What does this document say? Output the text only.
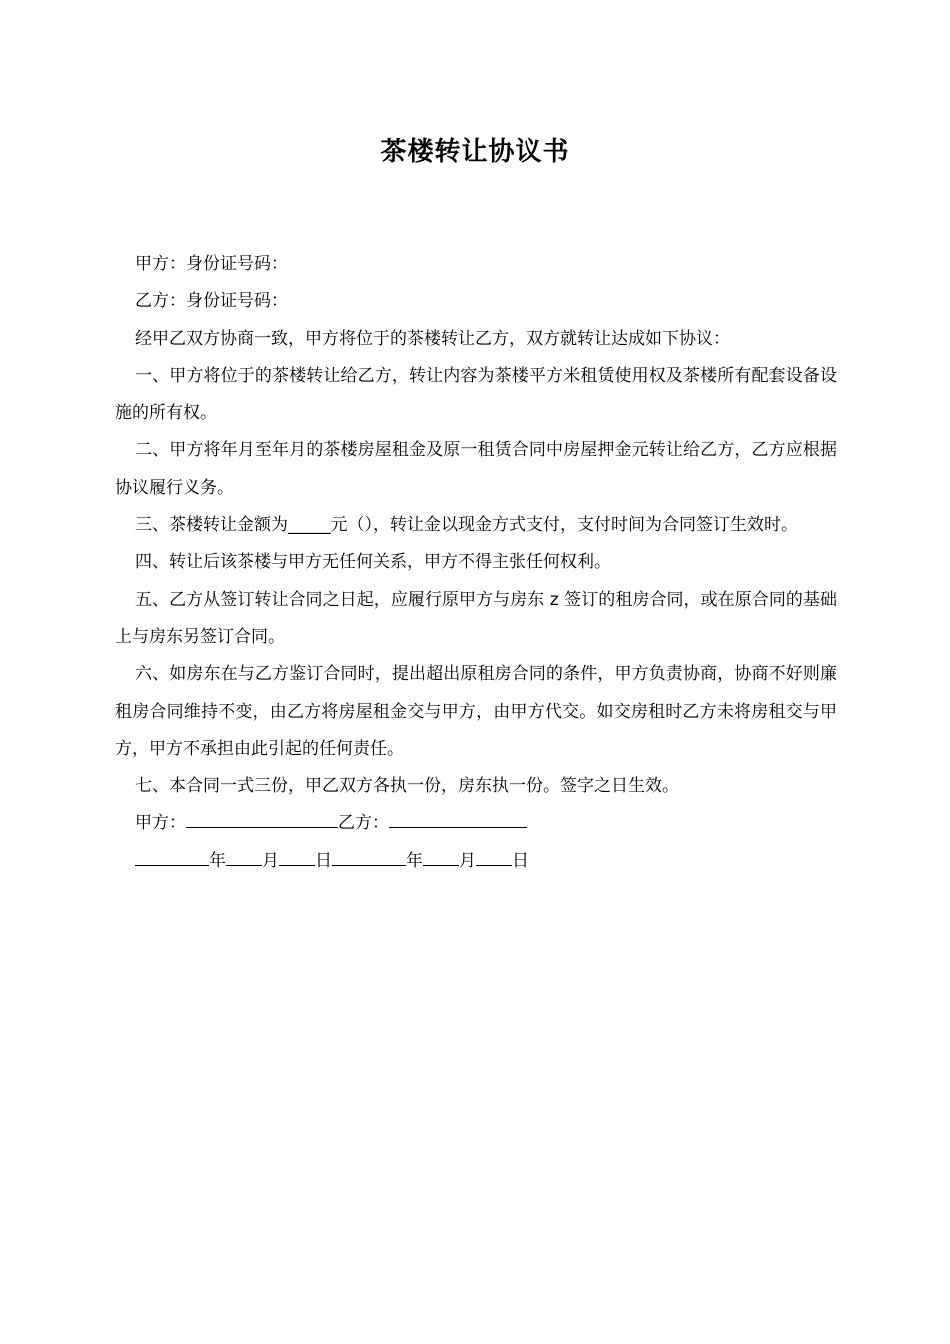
茶楼转让协议书

甲方：身份证号码：

乙方：身份证号码：

经甲乙双方协商一致，甲方将位于的茶楼转让乙方，双方就转让达成如下协议：

一、甲方将位于的茶楼转让给乙方，转让内容为茶楼平方米租赁使用权及茶楼所有配套设备设施的所有权。

二、甲方将年月至年月的茶楼房屋租金及原一租赁合同中房屋押金元转让给乙方，乙方应根据协议履行义务。

三、茶楼转让金额为_____元（），转让金以现金方式支付，支付时间为合同签订生效时。

四、转让后该茶楼与甲方无任何关系，甲方不得主张任何权利。

五、乙方从签订转让合同之日起，应履行原甲方与房东 z 签订的租房合同，或在原合同的基础上与房东另签订合同。

六、如房东在与乙方鉴订合同时，提出超出原租房合同的条件，甲方负责协商，协商不好则廉租房合同维持不变，由乙方将房屋租金交与甲方，由甲方代交。如交房租时乙方未将房租交与甲方，甲方不承担由此引起的任何责任。

七、本合同一式三份，甲乙双方各执一份，房东执一份。签字之日生效。

甲方：	乙方：

年 月 日	年 月 日
